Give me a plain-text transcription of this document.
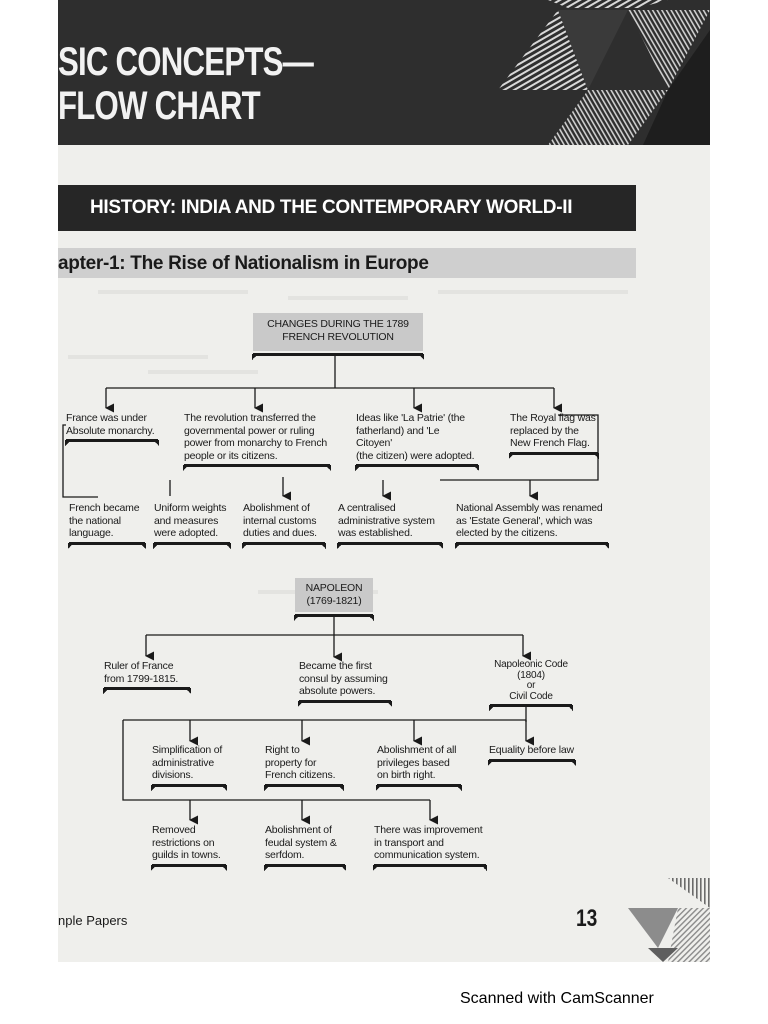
SIC CONCEPTS—
FLOW CHART
HISTORY: INDIA AND THE CONTEMPORARY WORLD-II
apter-1: The Rise of Nationalism in Europe
CHANGES DURING THE 1789
FRENCH REVOLUTION
France was under
Absolute monarchy.
The revolution transferred the
governmental power or ruling
power from monarchy to French
people or its citizens.
Ideas like 'La Patrie' (the
fatherland) and 'Le Citoyen'
(the citizen) were adopted.
The Royal flag was
replaced by the
New French Flag.
French became
the national
language.
Uniform weights
and measures
were adopted.
Abolishment of
internal customs
duties and dues.
A centralised
administrative system
was established.
National Assembly was renamed
as 'Estate General', which was
elected by the citizens.
NAPOLEON
(1769-1821)
Ruler of France
from 1799-1815.
Became the first
consul by assuming
absolute powers.
Napoleonic Code
(1804)
or
Civil Code
Simplification of
administrative
divisions.
Right to
property for
French citizens.
Abolishment of all
privileges based
on birth right.
Equality before law
Removed
restrictions on
guilds in towns.
Abolishment of
feudal system &
serfdom.
There was improvement
in transport and
communication system.
nple Papers	13
Scanned with CamScanner
